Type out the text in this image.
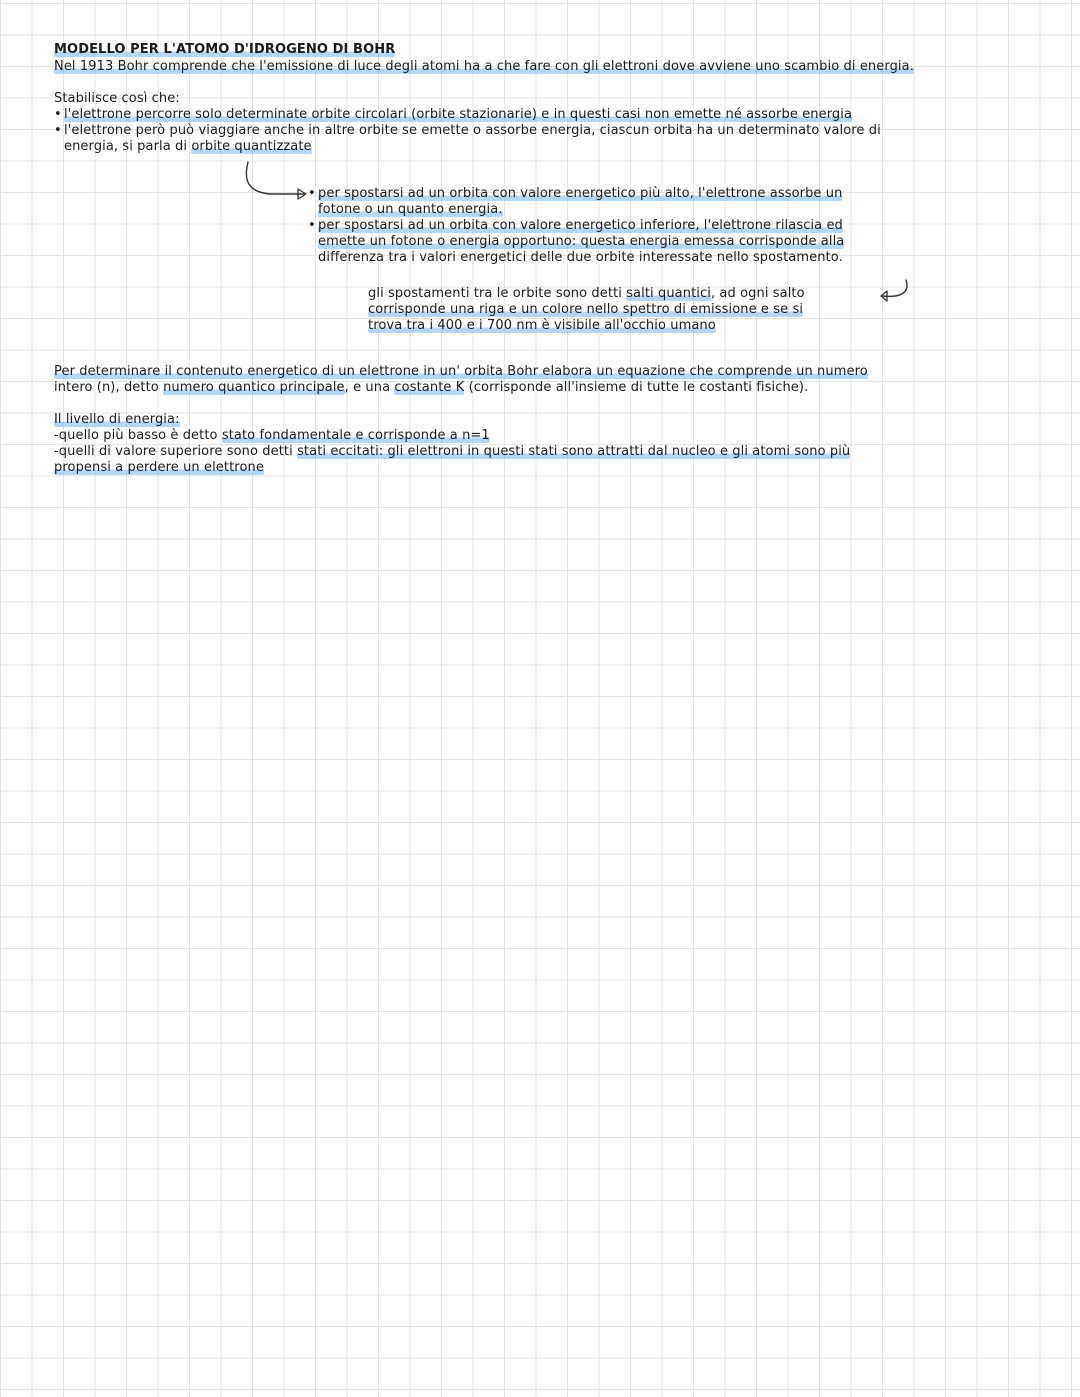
MODELLO PER L'ATOMO D'IDROGENO DI BOHR
Nel 1913 Bohr comprende che l'emissione di luce degli atomi ha a che fare con gli elettroni dove avviene uno scambio di energia.
Stabilisce così che:
• l'elettrone percorre solo determinate orbite circolari (orbite stazionarie) e in questi casi non emette né assorbe energia
• l'elettrone però può viaggiare anche in altre orbite se emette o assorbe energia, ciascun orbita ha un determinato valore di
energia, si parla di orbite quantizzate
• per spostarsi ad un orbita con valore energetico più alto, l'elettrone assorbe un
fotone o un quanto energia.
• per spostarsi ad un orbita con valore energetico inferiore, l'elettrone rilascia ed
emette un fotone o energia opportuno: questa energia emessa corrisponde alla
differenza tra i valori energetici delle due orbite interessate nello spostamento.
gli spostamenti tra le orbite sono detti salti quantici, ad ogni salto
corrisponde una riga e un colore nello spettro di emissione e se si
trova tra i 400 e i 700 nm è visibile all'occhio umano
Per determinare il contenuto energetico di un elettrone in un' orbita Bohr elabora un equazione che comprende un numero
intero (n), detto numero quantico principale, e una costante K (corrisponde all'insieme di tutte le costanti fisiche).
Il livello di energia:
-quello più basso è detto stato fondamentale e corrisponde a n=1
-quelli di valore superiore sono detti stati eccitati: gli elettroni in questi stati sono attratti dal nucleo e gli atomi sono più
propensi a perdere un elettrone
